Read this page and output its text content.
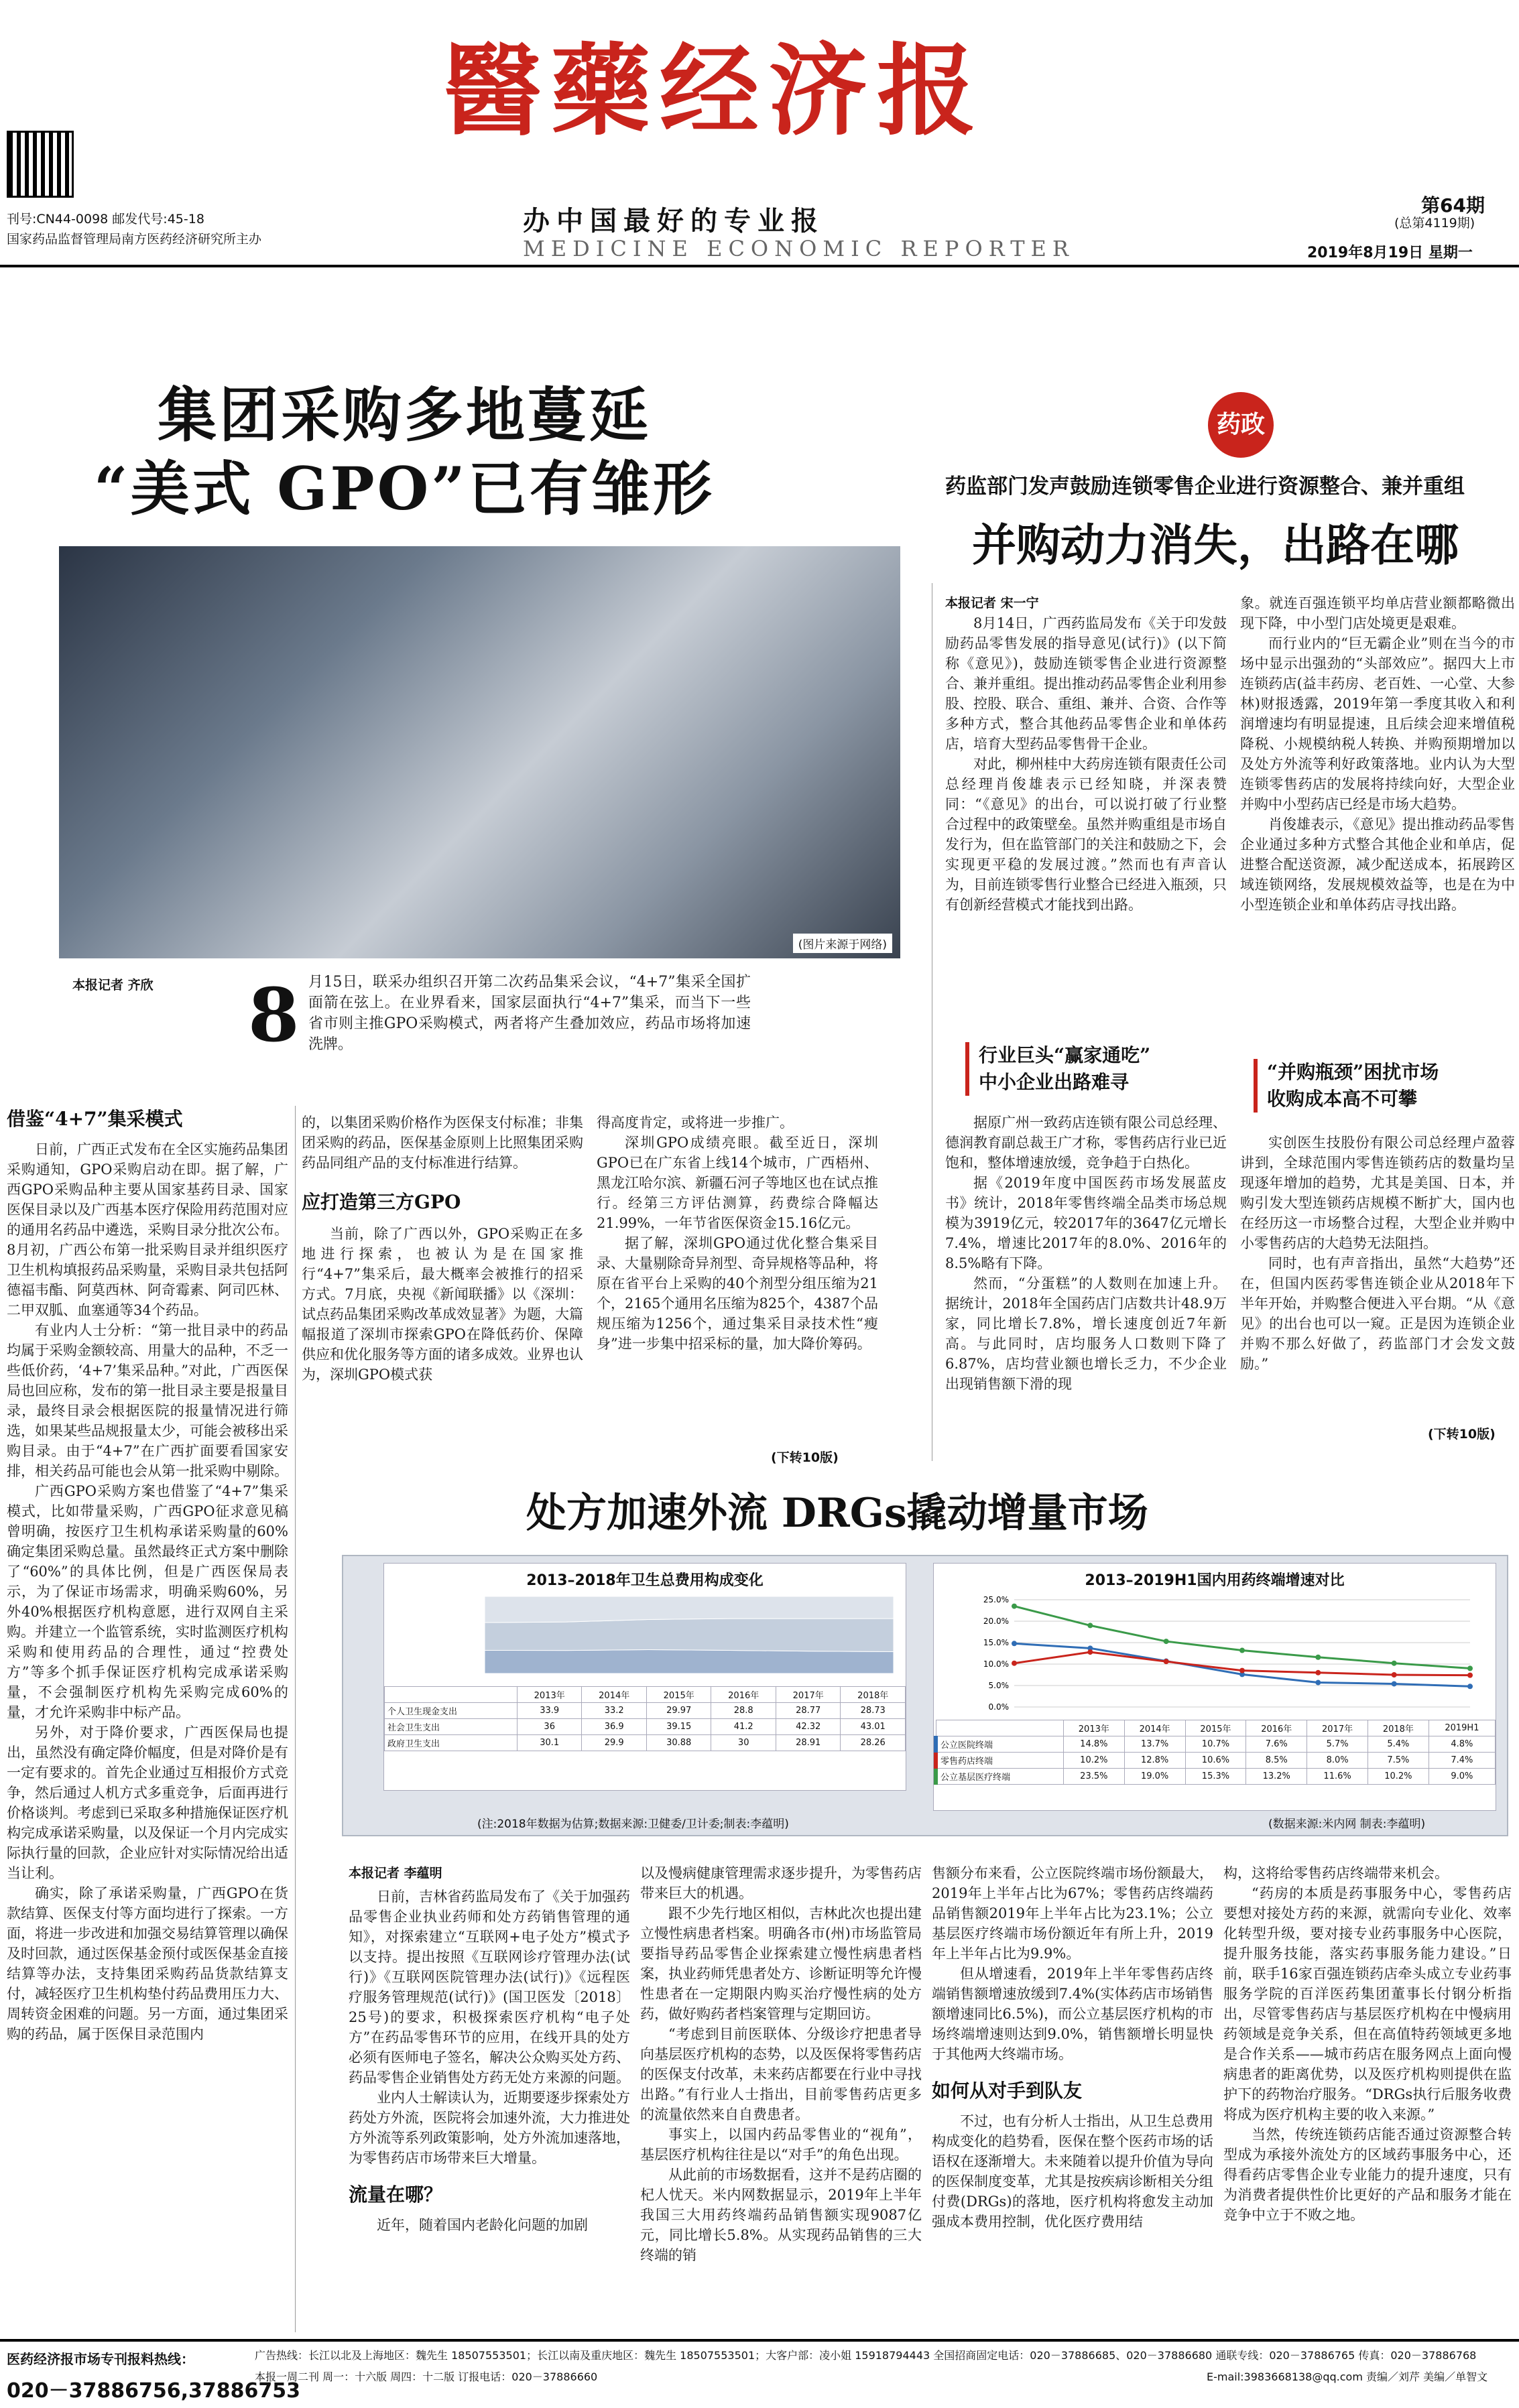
醫藥经济报
办中国最好的专业报
MEDICINE ECONOMIC REPORTER
刊号:CN44-0098 邮发代号:45-18
国家药品监督管理局南方医药经济研究所主办
第64期
(总第4119期)
2019年8月19日 星期一
集团采购多地蔓延
“美式 GPO”已有雏形
(图片来源于网络)
本报记者 齐欣 8 月15日，联采办组织召开第二次药品集采会议，“4+7”集采全国扩面箭在弦上。在业界看来，国家层面执行“4+7”集采，而当下一些省市则主推GPO采购模式，两者将产生叠加效应，药品市场将加速洗牌。
借鉴“4+7”集采模式

日前，广西正式发布在全区实施药品集团采购通知，GPO采购启动在即。据了解，广西GPO采购品种主要从国家基药目录、国家医保目录以及广西基本医疗保险用药范围对应的通用名药品中遴选，采购目录分批次公布。8月初，广西公布第一批采购目录并组织医疗卫生机构填报药品采购量，采购目录共包括阿德福韦酯、阿莫西林、阿奇霉素、阿司匹林、二甲双胍、血塞通等34个药品。

有业内人士分析：“第一批目录中的药品均属于采购金额较高、用量大的品种，不乏一些低价药，‘4+7’集采品种。”对此，广西医保局也回应称，发布的第一批目录主要是报量目录，最终目录会根据医院的报量情况进行筛选，如果某些品规报量太少，可能会被移出采购目录。由于“4+7”在广西扩面要看国家安排，相关药品可能也会从第一批采购中剔除。

广西GPO采购方案也借鉴了“4+7”集采模式，比如带量采购，广西GPO征求意见稿曾明确，按医疗卫生机构承诺采购量的60%确定集团采购总量。虽然最终正式方案中删除了“60%”的具体比例，但是广西医保局表示，为了保证市场需求，明确采购60%，另外40%根据医疗机构意愿，进行双网自主采购。并建立一个监管系统，实时监测医疗机构采购和使用药品的合理性，通过“控费处方”等多个抓手保证医疗机构完成承诺采购量，不会强制医疗机构先采购完成60%的量，才允许采购非中标产品。

另外，对于降价要求，广西医保局也提出，虽然没有确定降价幅度，但是对降价是有一定有要求的。首先企业通过互相报价方式竞争，然后通过人机方式多重竞争，后面再进行价格谈判。考虑到已采取多种措施保证医疗机构完成承诺采购量，以及保证一个月内完成实际执行量的回款，企业应针对实际情况给出适当让利。

确实，除了承诺采购量，广西GPO在货款结算、医保支付等方面均进行了探索。一方面，将进一步改进和加强交易结算管理以确保及时回款，通过医保基金预付或医保基金直接结算等办法，支持集团采购药品货款结算支付，减轻医疗卫生机构垫付药品费用压力大、周转资金困难的问题。另一方面，通过集团采购的药品，属于医保目录范围内

的，以集团采购价格作为医保支付标准；非集团采购的药品，医保基金原则上比照集团采购药品同组产品的支付标准进行结算。

应打造第三方GPO

当前，除了广西以外，GPO采购正在多地进行探索，也被认为是在国家推行“4+7”集采后，最大概率会被推行的招采方式。7月底，央视《新闻联播》以《深圳：试点药品集团采购改革成效显著》为题，大篇幅报道了深圳市探索GPO在降低药价、保障供应和优化服务等方面的诸多成效。业界也认为，深圳GPO模式获

得高度肯定，或将进一步推广。

深圳GPO成绩亮眼。截至近日，深圳GPO已在广东省上线14个城市，广西梧州、黑龙江哈尔滨、新疆石河子等地区也在试点推行。经第三方评估测算，药费综合降幅达21.99%，一年节省医保资金15.16亿元。

据了解，深圳GPO通过优化整合集采目录、大量剔除奇异剂型、奇异规格等品种，将原在省平台上采购的40个剂型分组压缩为21个，2165个通用名压缩为825个，4387个品规压缩为1256个，通过集采目录技术性“瘦身”进一步集中招采标的量，加大降价筹码。

(下转10版)
药政
药监部门发声鼓励连锁零售企业进行资源整合、兼并重组
并购动力消失，出路在哪
本报记者 宋一宁

8月14日，广西药监局发布《关于印发鼓励药品零售发展的指导意见(试行)》(以下简称《意见》)，鼓励连锁零售企业进行资源整合、兼并重组。提出推动药品零售企业利用参股、控股、联合、重组、兼并、合资、合作等多种方式，整合其他药品零售企业和单体药店，培育大型药品零售骨干企业。

对此，柳州桂中大药房连锁有限责任公司总经理肖俊雄表示已经知晓，并深表赞同：“《意见》的出台，可以说打破了行业整合过程中的政策壁垒。虽然并购重组是市场自发行为，但在监管部门的关注和鼓励之下，会实现更平稳的发展过渡。”然而也有声音认为，目前连锁零售行业整合已经进入瓶颈，只有创新经营模式才能找到出路。

象。就连百强连锁平均单店营业额都略微出现下降，中小型门店处境更是艰难。

而行业内的“巨无霸企业”则在当今的市场中显示出强劲的“头部效应”。据四大上市连锁药店(益丰药房、老百姓、一心堂、大参林)财报透露，2019年第一季度其收入和利润增速均有明显提速，且后续会迎来增值税降税、小规模纳税人转换、并购预期增加以及处方外流等利好政策落地。业内认为大型连锁零售药店的发展将持续向好，大型企业并购中小型药店已经是市场大趋势。

肖俊雄表示，《意见》提出推动药品零售企业通过多种方式整合其他企业和单店，促进整合配送资源，减少配送成本，拓展跨区域连锁网络，发展规模效益等，也是在为中小型连锁企业和单体药店寻找出路。

行业巨头“赢家通吃”
中小企业出路难寻

据原广州一致药店连锁有限公司总经理、德润教育副总裁王广才称，零售药店行业已近饱和，整体增速放缓，竞争趋于白热化。

据《2019年度中国医药市场发展蓝皮书》统计，2018年零售终端全品类市场总规模为3919亿元，较2017年的3647亿元增长7.4%，增速比2017年的8.0%、2016年的8.5%略有下降。

然而，“分蛋糕”的人数则在加速上升。据统计，2018年全国药店门店数共计48.9万家，同比增长7.8%，增长速度创近7年新高。与此同时，店均服务人口数则下降了6.87%，店均营业额也增长乏力，不少企业出现销售额下滑的现

“并购瓶颈”困扰市场
收购成本高不可攀

实创医生技股份有限公司总经理卢盈蓉讲到，全球范围内零售连锁药店的数量均呈现逐年增加的趋势，尤其是美国、日本，并购引发大型连锁药店规模不断扩大，国内也在经历这一市场整合过程，大型企业并购中小零售药店的大趋势无法阻挡。

同时，也有声音指出，虽然“大趋势”还在，但国内医药零售连锁企业从2018年下半年开始，并购整合便进入平台期。“从《意见》的出台也可以一窥。正是因为连锁企业并购不那么好做了，药监部门才会发文鼓励。”

(下转10版)
处方加速外流 DRGs撬动增量市场
2013–2018年卫生总费用构成变化
	2013年	2014年	2015年	2016年	2017年	2018年
个人卫生现金支出	33.9	33.2	29.97	28.8	28.77	28.73
社会卫生支出	36	36.9	39.15	41.2	42.32	43.01
政府卫生支出	30.1	29.9	30.88	30	28.91	28.26
2013–2019H1国内用药终端增速对比
0.0%
5.0%
10.0%
15.0%
20.0%
25.0%
	2013年	2014年	2015年	2016年	2017年	2018年	2019H1
公立医院终端	14.8%	13.7%	10.7%	7.6%	5.7%	5.4%	4.8%
零售药店终端	10.2%	12.8%	10.6%	8.5%	8.0%	7.5%	7.4%
公立基层医疗终端	23.5%	19.0%	15.3%	13.2%	11.6%	10.2%	9.0%
(注:2018年数据为估算;数据来源:卫健委/卫计委;制表:李蕴明)	(数据来源:米内网 制表:李蕴明)
本报记者 李蕴明

日前，吉林省药监局发布了《关于加强药品零售企业执业药师和处方药销售管理的通知》，对探索建立“互联网+电子处方”模式予以支持。提出按照《互联网诊疗管理办法(试行)》《互联网医院管理办法(试行)》《远程医疗服务管理规范(试行)》(国卫医发〔2018〕25号)的要求，积极探索医疗机构“电子处方”在药品零售环节的应用，在线开具的处方必须有医师电子签名，解决公众购买处方药、药品零售企业销售处方药无处方来源的问题。

业内人士解读认为，近期要逐步探索处方药处方外流，医院将会加速外流，大力推进处方外流等系列政策影响，处方外流加速落地，为零售药店市场带来巨大增量。

流量在哪？

近年，随着国内老龄化问题的加剧

以及慢病健康管理需求逐步提升，为零售药店带来巨大的机遇。

跟不少先行地区相似，吉林此次也提出建立慢性病患者档案。明确各市(州)市场监管局要指导药品零售企业探索建立慢性病患者档案，执业药师凭患者处方、诊断证明等允许慢性患者在一定期限内购买治疗慢性病的处方药，做好购药者档案管理与定期回访。

“考虑到目前医联体、分级诊疗把患者导向基层医疗机构的态势，以及医保将零售药店的医保支付改革，未来药店都要在行业中寻找出路。”有行业人士指出，目前零售药店更多的流量依然来自自费患者。

事实上，以国内药品零售业的“视角”，基层医疗机构往往是以“对手”的角色出现。

从此前的市场数据看，这并不是药店圈的杞人忧天。米内网数据显示，2019年上半年我国三大用药终端药品销售额实现9087亿元，同比增长5.8%。从实现药品销售的三大终端的销

售额分布来看，公立医院终端市场份额最大，2019年上半年占比为67%；零售药店终端药品销售额2019年上半年占比为23.1%；公立基层医疗终端市场份额近年有所上升，2019年上半年占比为9.9%。

但从增速看，2019年上半年零售药店终端销售额增速放缓到7.4%(实体药店市场销售额增速同比6.5%)，而公立基层医疗机构的市场终端增速则达到9.0%，销售额增长明显快于其他两大终端市场。

如何从对手到队友

不过，也有分析人士指出，从卫生总费用构成变化的趋势看，医保在整个医药市场的话语权在逐渐增大。未来随着以提升价值为导向的医保制度变革，尤其是按疾病诊断相关分组付费(DRGs)的落地，医疗机构将愈发主动加强成本费用控制，优化医疗费用结

构，这将给零售药店终端带来机会。

“药房的本质是药事服务中心，零售药店要想对接处方药的来源，就需向专业化、效率化转型升级，要对接专业药事服务中心医院，提升服务技能，落实药事服务能力建设。”日前，联手16家百强连锁药店牵头成立专业药事服务学院的百洋医药集团董事长付钢分析指出，尽管零售药店与基层医疗机构在中慢病用药领域是竞争关系，但在高值特药领域更多地是合作关系——城市药店在服务网点上面向慢病患者的距离优势，以及医疗机构则提供在监护下的药物治疗服务。“DRGs执行后服务收费将成为医疗机构主要的收入来源。”

当然，传统连锁药店能否通过资源整合转型成为承接外流处方的区域药事服务中心，还得看药店零售企业专业能力的提升速度，只有为消费者提供性价比更好的产品和服务才能在竞争中立于不败之地。

医药经济报市场专刊报料热线：
020－37886756,37886753
广告热线：长江以北及上海地区：魏先生 18507553501；长江以南及重庆地区：魏先生 18507553501；大客户部：凌小姐 15918794443 全国招商固定电话：020－37886685、020－37886680 通联专线：020－37886765 传真：020－37886768
本报一周二刊 周一：十六版 周四：十二版 订报电话：020－37886660	E-mail:3983668138@qq.com 责编／刘芹 美编／单智文
